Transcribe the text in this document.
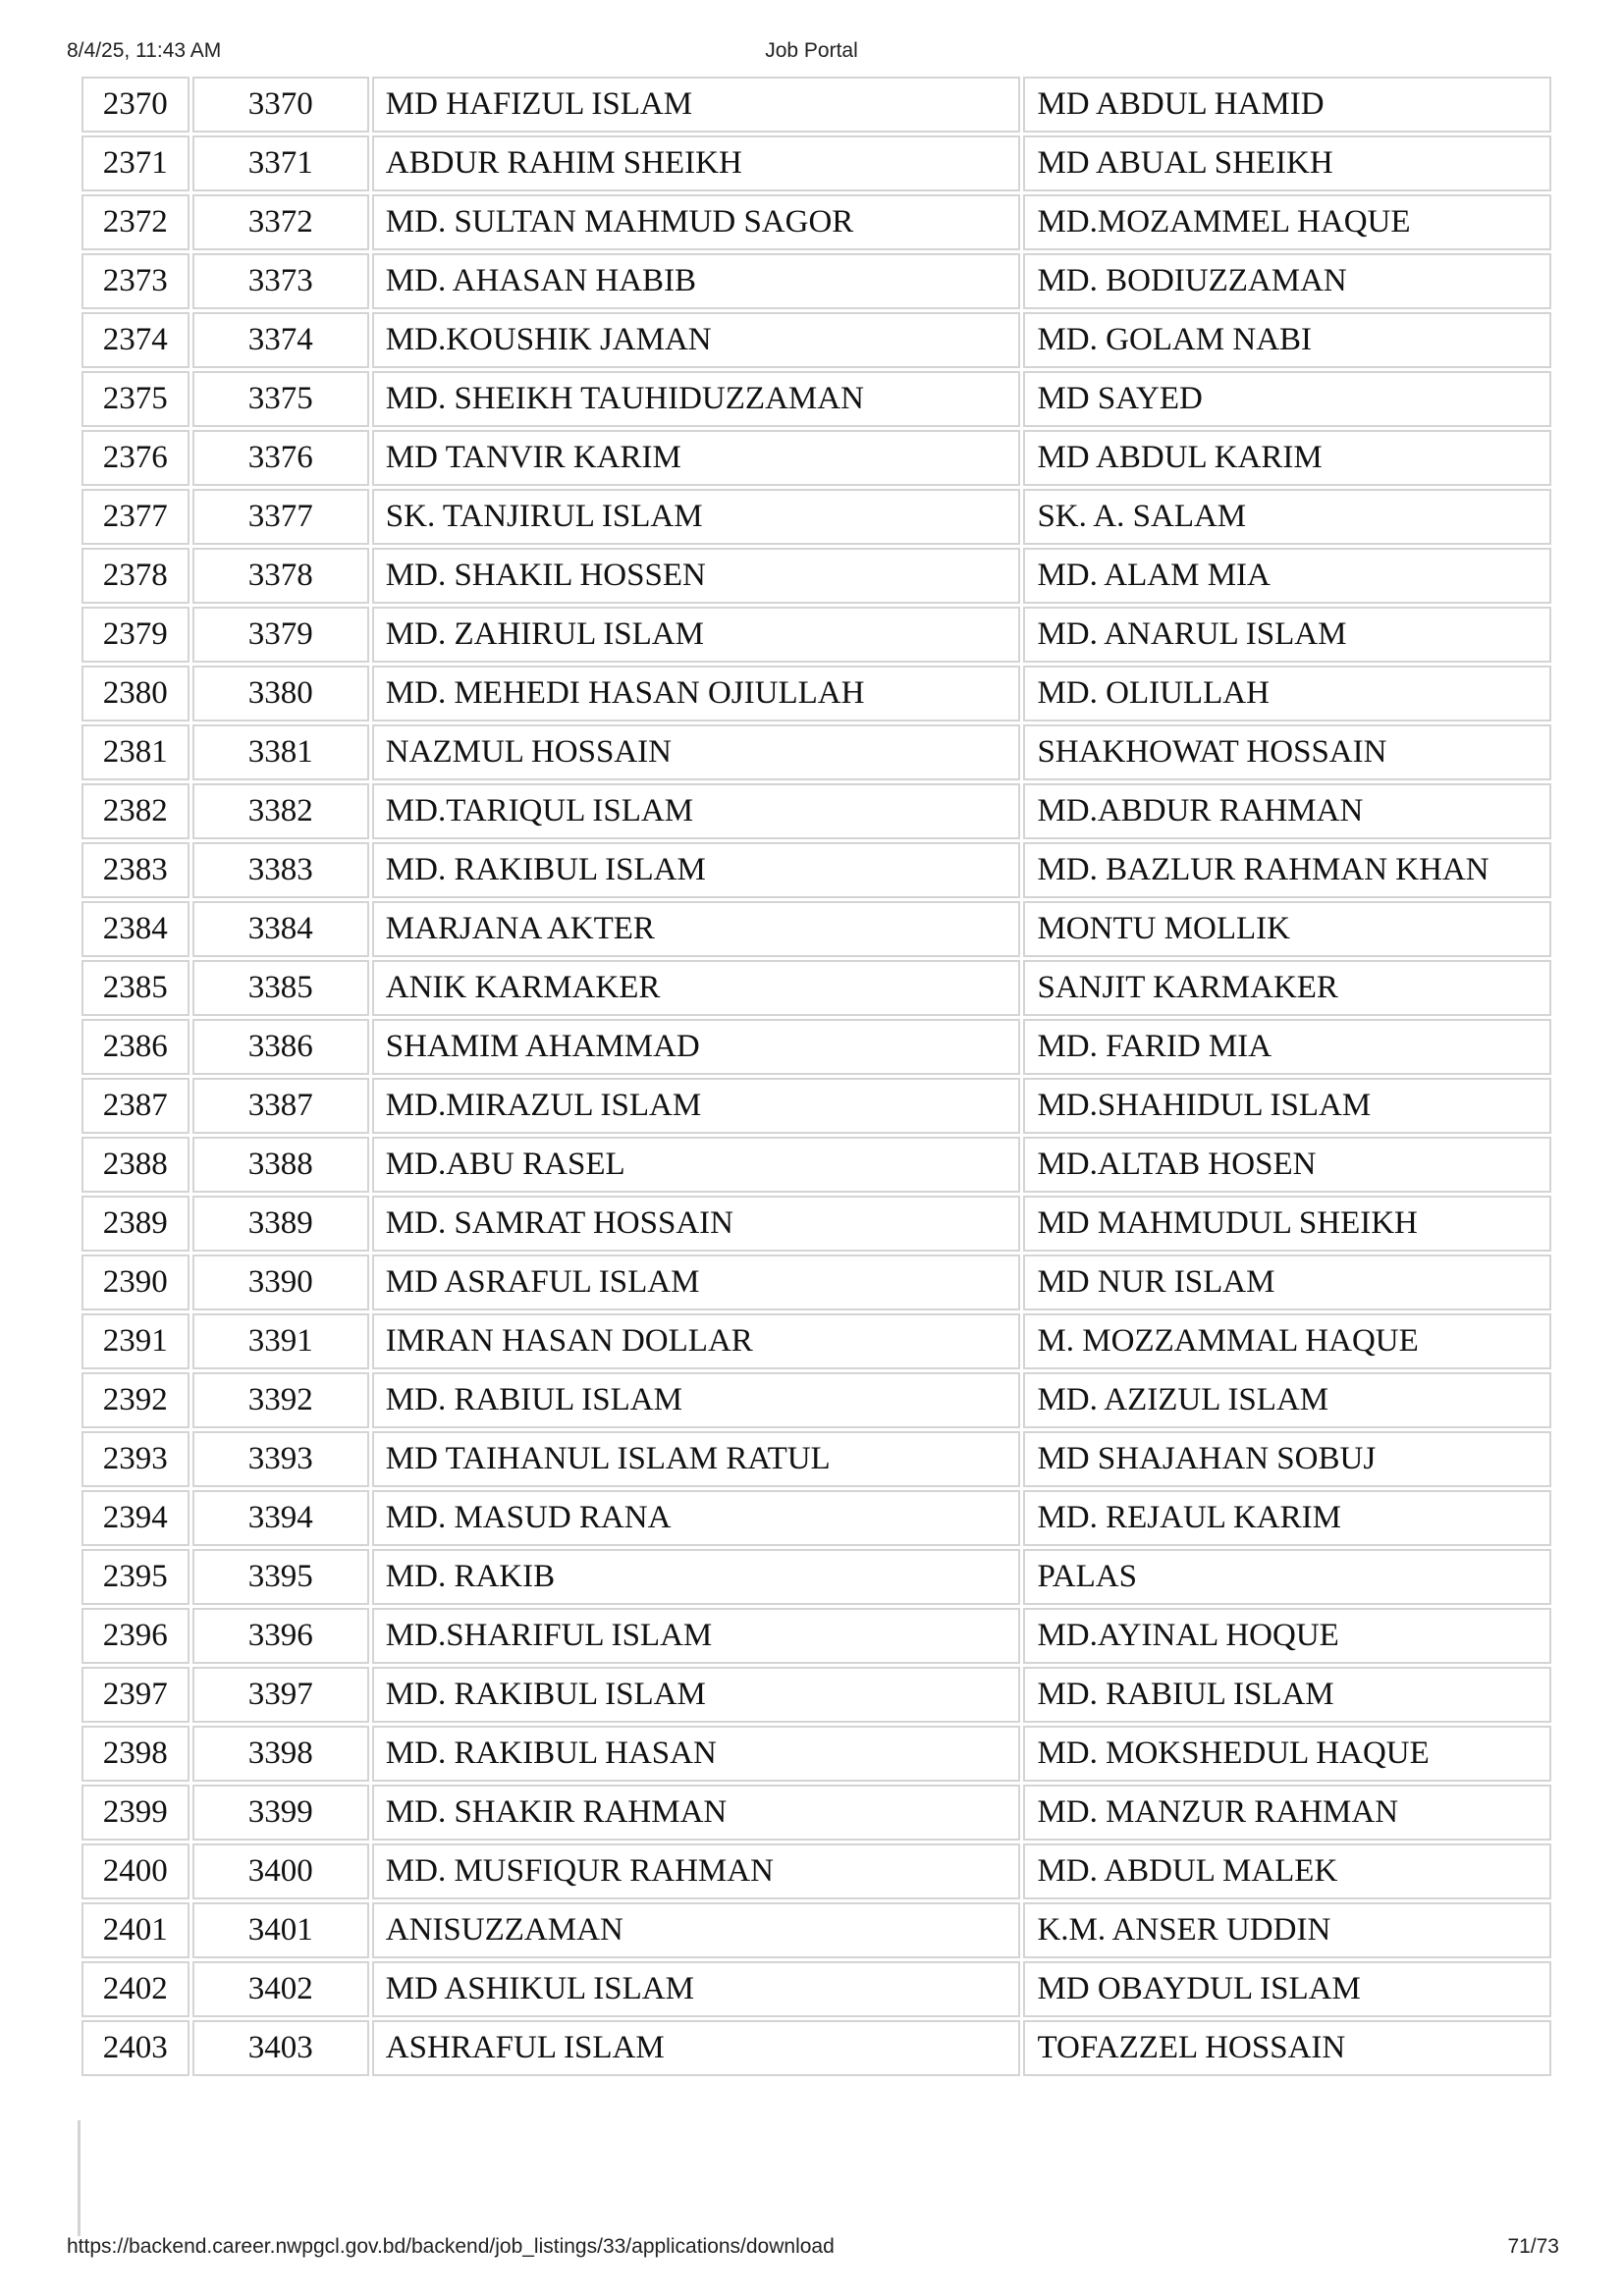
8/4/25, 11:43 AM	Job Portal
2370	3370	MD HAFIZUL ISLAM	MD ABDUL HAMID
2371	3371	ABDUR RAHIM SHEIKH	MD ABUAL SHEIKH
2372	3372	MD. SULTAN MAHMUD SAGOR	MD.MOZAMMEL HAQUE
2373	3373	MD. AHASAN HABIB	MD. BODIUZZAMAN
2374	3374	MD.KOUSHIK JAMAN	MD. GOLAM NABI
2375	3375	MD. SHEIKH TAUHIDUZZAMAN	MD SAYED
2376	3376	MD TANVIR KARIM	MD ABDUL KARIM
2377	3377	SK. TANJIRUL ISLAM	SK. A. SALAM
2378	3378	MD. SHAKIL HOSSEN	MD. ALAM MIA
2379	3379	MD. ZAHIRUL ISLAM	MD. ANARUL ISLAM
2380	3380	MD. MEHEDI HASAN OJIULLAH	MD. OLIULLAH
2381	3381	NAZMUL HOSSAIN	SHAKHOWAT HOSSAIN
2382	3382	MD.TARIQUL ISLAM	MD.ABDUR RAHMAN
2383	3383	MD. RAKIBUL ISLAM	MD. BAZLUR RAHMAN KHAN
2384	3384	MARJANA AKTER	MONTU MOLLIK
2385	3385	ANIK KARMAKER	SANJIT KARMAKER
2386	3386	SHAMIM AHAMMAD	MD. FARID MIA
2387	3387	MD.MIRAZUL ISLAM	MD.SHAHIDUL ISLAM
2388	3388	MD.ABU RASEL	MD.ALTAB HOSEN
2389	3389	MD. SAMRAT HOSSAIN	MD MAHMUDUL SHEIKH
2390	3390	MD ASRAFUL ISLAM	MD NUR ISLAM
2391	3391	IMRAN HASAN DOLLAR	M. MOZZAMMAL HAQUE
2392	3392	MD. RABIUL ISLAM	MD. AZIZUL ISLAM
2393	3393	MD TAIHANUL ISLAM RATUL	MD SHAJAHAN SOBUJ
2394	3394	MD. MASUD RANA	MD. REJAUL KARIM
2395	3395	MD. RAKIB	PALAS
2396	3396	MD.SHARIFUL ISLAM	MD.AYINAL HOQUE
2397	3397	MD. RAKIBUL ISLAM	MD. RABIUL ISLAM
2398	3398	MD. RAKIBUL HASAN	MD. MOKSHEDUL HAQUE
2399	3399	MD. SHAKIR RAHMAN	MD. MANZUR RAHMAN
2400	3400	MD. MUSFIQUR RAHMAN	MD. ABDUL MALEK
2401	3401	ANISUZZAMAN	K.M. ANSER UDDIN
2402	3402	MD ASHIKUL ISLAM	MD OBAYDUL ISLAM
2403	3403	ASHRAFUL ISLAM	TOFAZZEL HOSSAIN
https://backend.career.nwpgcl.gov.bd/backend/job_listings/33/applications/download	71/73
